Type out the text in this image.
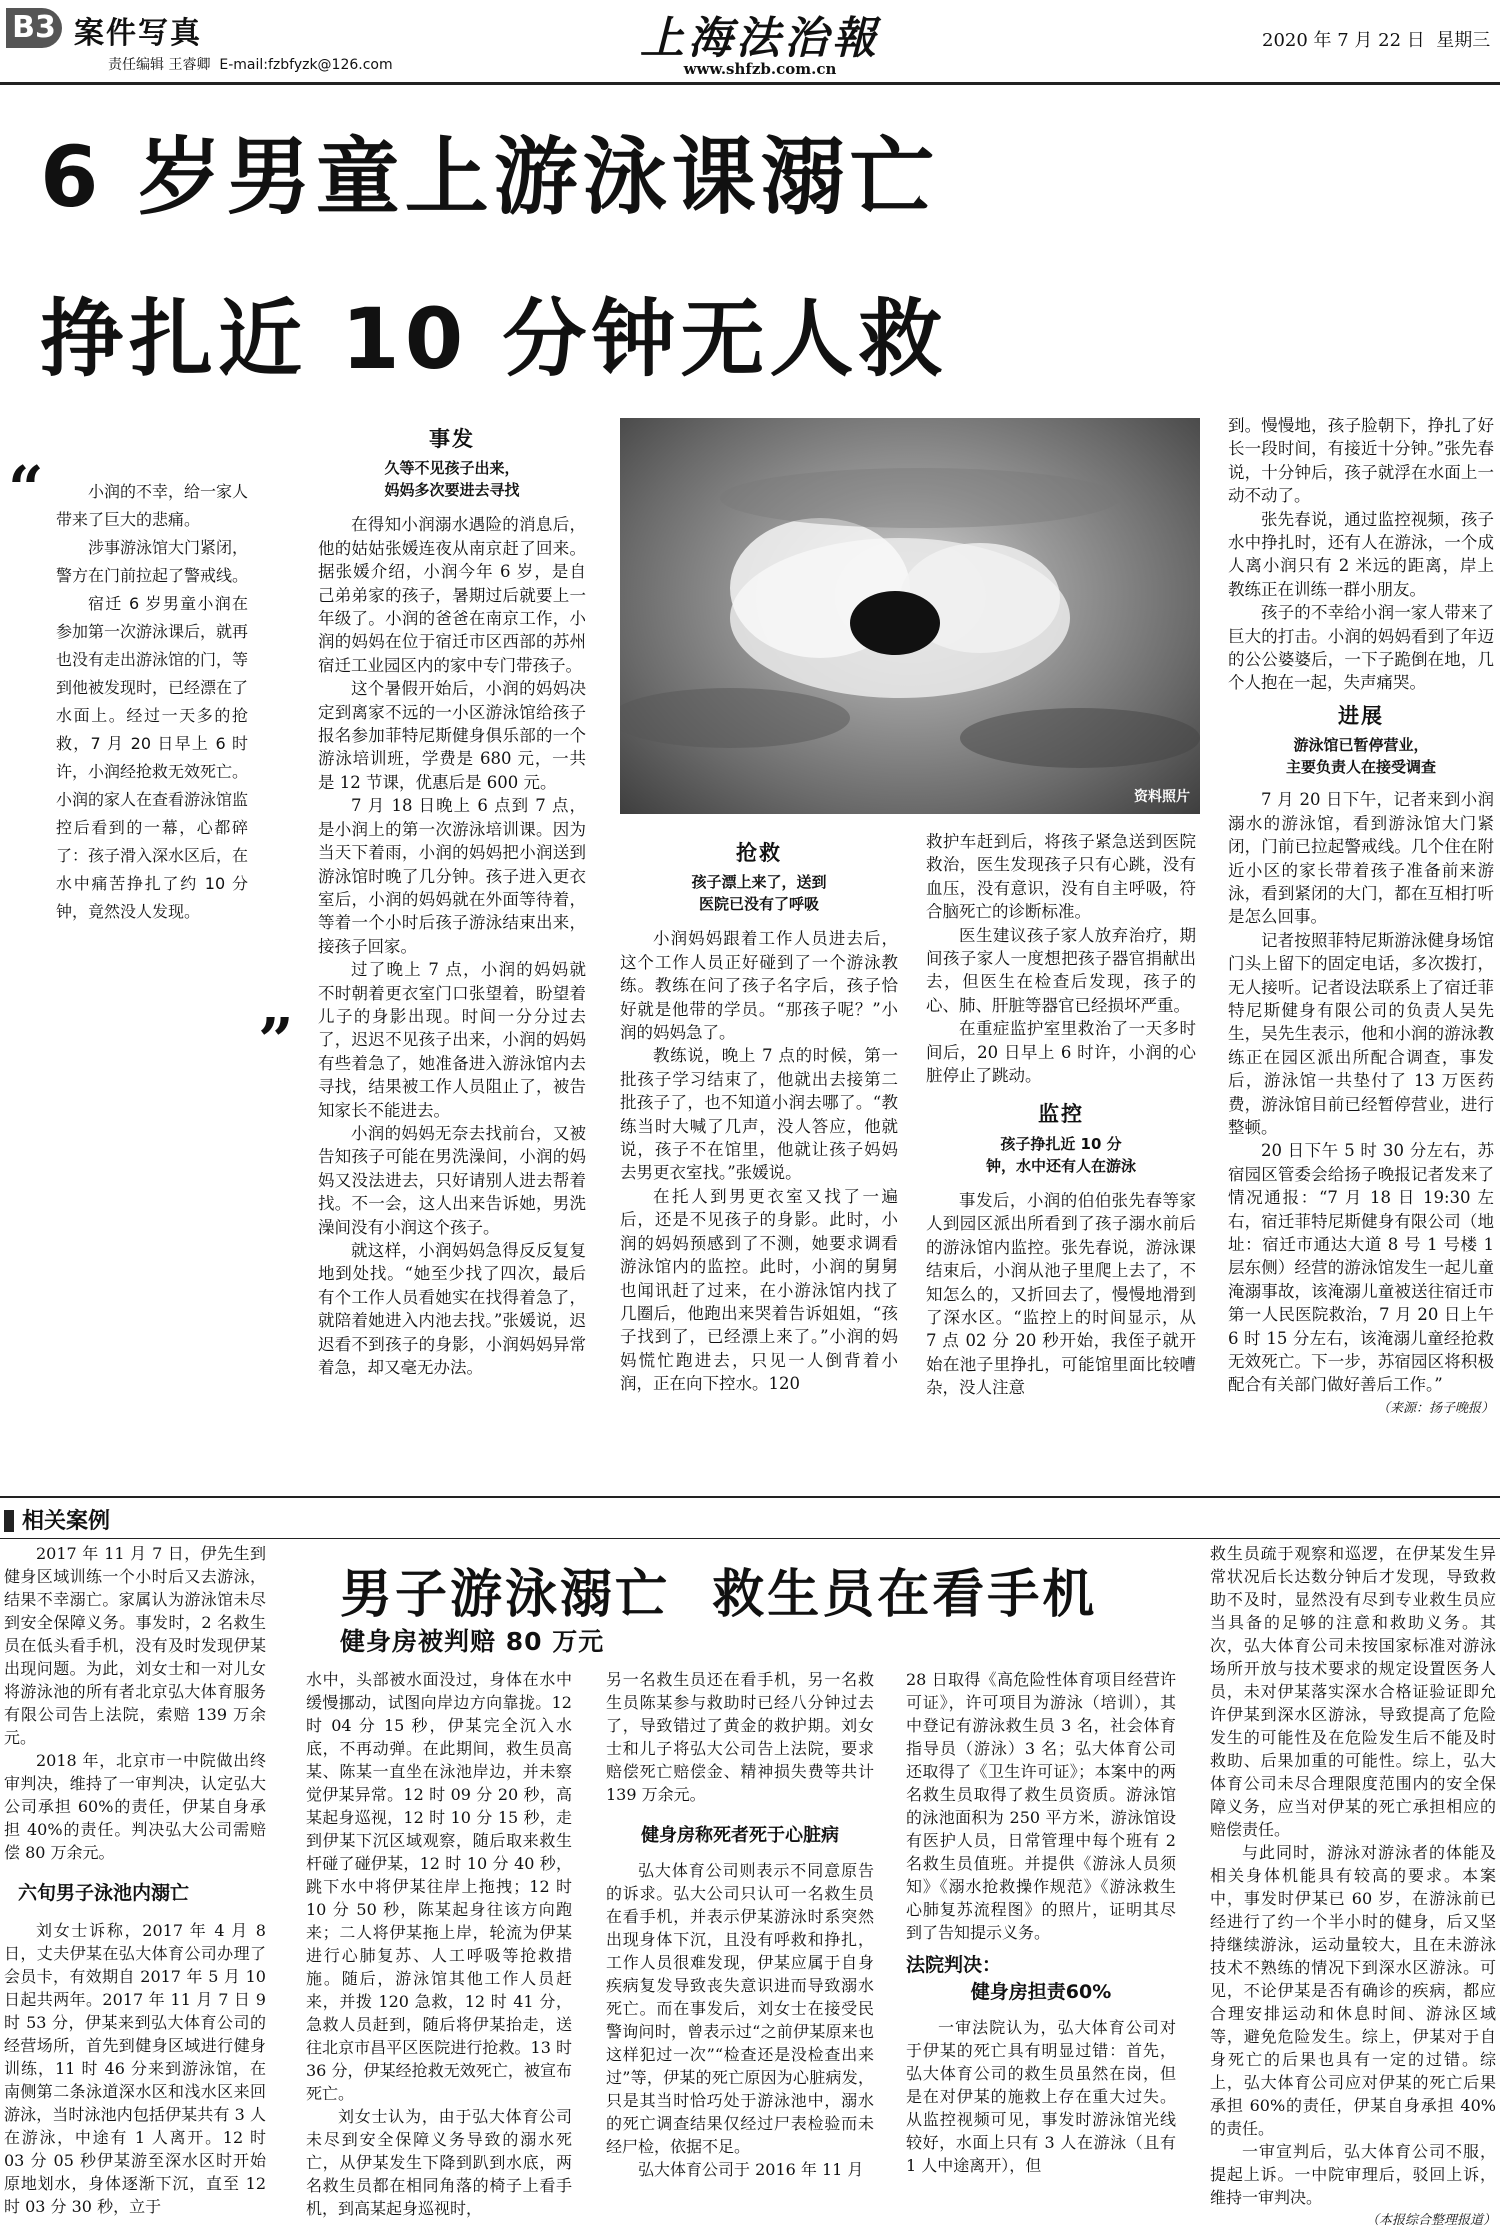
B3 案件写真
责任编辑 王睿卿 E-mail:fzbfyzk@126.com
上海法治報
www.shfzb.com.cn
2020 年 7 月 22 日 星期三
6 岁男童上游泳课溺亡
挣扎近 10 分钟无人救
“	小润的不幸，给一家人带来了巨大的悲痛。

涉事游泳馆大门紧闭，警方在门前拉起了警戒线。

宿迁 6 岁男童小润在参加第一次游泳课后，就再也没有走出游泳馆的门，等到他被发现时，已经漂在了水面上。经过一天多的抢救，7 月 20 日早上 6 时许，小润经抢救无效死亡。小润的家人在查看游泳馆监控后看到的一幕，心都碎了：孩子滑入深水区后，在水中痛苦挣扎了约 10 分钟，竟然没人发现。

”
事发
久等不见孩子出来，
妈妈多次要进去寻找

在得知小润溺水遇险的消息后，他的姑姑张媛连夜从南京赶了回来。据张媛介绍，小润今年 6 岁，是自己弟弟家的孩子，暑期过后就要上一年级了。小润的爸爸在南京工作，小润的妈妈在位于宿迁市区西部的苏州宿迁工业园区内的家中专门带孩子。

这个暑假开始后，小润的妈妈决定到离家不远的一小区游泳馆给孩子报名参加菲特尼斯健身俱乐部的一个游泳培训班，学费是 680 元，一共是 12 节课，优惠后是 600 元。

7 月 18 日晚上 6 点到 7 点，是小润上的第一次游泳培训课。因为当天下着雨，小润的妈妈把小润送到游泳馆时晚了几分钟。孩子进入更衣室后，小润的妈妈就在外面等待着，等着一个小时后孩子游泳结束出来，接孩子回家。

过了晚上 7 点，小润的妈妈就不时朝着更衣室门口张望着，盼望着儿子的身影出现。时间一分分过去了，迟迟不见孩子出来，小润的妈妈有些着急了，她准备进入游泳馆内去寻找，结果被工作人员阻止了，被告知家长不能进去。

小润的妈妈无奈去找前台，又被告知孩子可能在男洗澡间，小润的妈妈又没法进去，只好请别人进去帮着找。不一会，这人出来告诉她，男洗澡间没有小润这个孩子。

就这样，小润妈妈急得反反复复地到处找。“她至少找了四次，最后有个工作人员看她实在找得着急了，就陪着她进入内池去找。”张媛说，迟迟看不到孩子的身影，小润妈妈异常着急，却又毫无办法。

资料照片
抢救
孩子漂上来了，送到
医院已没有了呼吸

小润妈妈跟着工作人员进去后，这个工作人员正好碰到了一个游泳教练。教练在问了孩子名字后，孩子恰好就是他带的学员。“那孩子呢？”小润的妈妈急了。

教练说，晚上 7 点的时候，第一批孩子学习结束了，他就出去接第二批孩子了，也不知道小润去哪了。“教练当时大喊了几声，没人答应，他就说，孩子不在馆里，他就让孩子妈妈去男更衣室找。”张媛说。

在托人到男更衣室又找了一遍后，还是不见孩子的身影。此时，小润的妈妈预感到了不测，她要求调看游泳馆内的监控。此时，小润的舅舅也闻讯赶了过来，在小游泳馆内找了几圈后，他跑出来哭着告诉姐姐，“孩子找到了，已经漂上来了。”小润的妈妈慌忙跑进去，只见一人倒背着小润，正在向下控水。120

救护车赶到后，将孩子紧急送到医院救治，医生发现孩子只有心跳，没有血压，没有意识，没有自主呼吸，符合脑死亡的诊断标准。

医生建议孩子家人放弃治疗，期间孩子家人一度想把孩子器官捐献出去，但医生在检查后发现，孩子的心、肺、肝脏等器官已经损坏严重。

在重症监护室里救治了一天多时间后，20 日早上 6 时许，小润的心脏停止了跳动。

监控
孩子挣扎近 10 分
钟，水中还有人在游泳

事发后，小润的伯伯张先春等家人到园区派出所看到了孩子溺水前后的游泳馆内监控。张先春说，游泳课结束后，小润从池子里爬上去了，不知怎么的，又折回去了，慢慢地滑到了深水区。“监控上的时间显示，从 7 点 02 分 20 秒开始，我侄子就开始在池子里挣扎，可能馆里面比较嘈杂，没人注意

到。慢慢地，孩子脸朝下，挣扎了好长一段时间，有接近十分钟。”张先春说，十分钟后，孩子就浮在水面上一动不动了。

张先春说，通过监控视频，孩子水中挣扎时，还有人在游泳，一个成人离小润只有 2 米远的距离，岸上教练正在训练一群小朋友。

孩子的不幸给小润一家人带来了巨大的打击。小润的妈妈看到了年迈的公公婆婆后，一下子跪倒在地，几个人抱在一起，失声痛哭。

进展
游泳馆已暂停营业，
主要负责人在接受调查

7 月 20 日下午，记者来到小润溺水的游泳馆，看到游泳馆大门紧闭，门前已拉起警戒线。几个住在附近小区的家长带着孩子准备前来游泳，看到紧闭的大门，都在互相打听是怎么回事。

记者按照菲特尼斯游泳健身场馆门头上留下的固定电话，多次拨打，无人接听。记者设法联系上了宿迁菲特尼斯健身有限公司的负责人吴先生，吴先生表示，他和小润的游泳教练正在园区派出所配合调查，事发后，游泳馆一共垫付了 13 万医药费，游泳馆目前已经暂停营业，进行整顿。

20 日下午 5 时 30 分左右，苏宿园区管委会给扬子晚报记者发来了情况通报：“7 月 18 日 19:30 左右，宿迁菲特尼斯健身有限公司（地址：宿迁市通达大道 8 号 1 号楼 1 层东侧）经营的游泳馆发生一起儿童淹溺事故，该淹溺儿童被送往宿迁市第一人民医院救治，7 月 20 日上午 6 时 15 分左右，该淹溺儿童经抢救无效死亡。下一步，苏宿园区将积极配合有关部门做好善后工作。”

（来源：扬子晚报）
相关案例
男子游泳溺亡  救生员在看手机
健身房被判赔 80 万元

2017 年 11 月 7 日，伊先生到健身区域训练一个小时后又去游泳，结果不幸溺亡。家属认为游泳馆未尽到安全保障义务。事发时，2 名救生员在低头看手机，没有及时发现伊某出现问题。为此，刘女士和一对儿女将游泳池的所有者北京弘大体育服务有限公司告上法院，索赔 139 万余元。

2018 年，北京市一中院做出终审判决，维持了一审判决，认定弘大公司承担 60%的责任，伊某自身承担 40%的责任。判决弘大公司需赔偿 80 万余元。

六旬男子泳池内溺亡

刘女士诉称，2017 年 4 月 8 日，丈夫伊某在弘大体育公司办理了会员卡，有效期自 2017 年 5 月 10 日起共两年。2017 年 11 月 7 日 9 时 53 分，伊某来到弘大体育公司的经营场所，首先到健身区域进行健身训练，11 时 46 分来到游泳馆，在南侧第二条泳道深水区和浅水区来回游泳，当时泳池内包括伊某共有 3 人在游泳，中途有 1 人离开。12 时 03 分 05 秒伊某游至深水区时开始原地划水，身体逐渐下沉，直至 12 时 03 分 30 秒，立于

水中，头部被水面没过，身体在水中缓慢挪动，试图向岸边方向靠拢。12 时 04 分 15 秒，伊某完全沉入水底，不再动弹。在此期间，救生员高某、陈某一直坐在泳池岸边，并未察觉伊某异常。12 时 09 分 20 秒，高某起身巡视，12 时 10 分 15 秒，走到伊某下沉区域观察，随后取来救生杆碰了碰伊某，12 时 10 分 40 秒，跳下水中将伊某往岸上拖拽；12 时 10 分 50 秒，陈某起身往该方向跑来；二人将伊某拖上岸，轮流为伊某进行心肺复苏、人工呼吸等抢救措施。随后，游泳馆其他工作人员赶来，并拨 120 急救，12 时 41 分，急救人员赶到，随后将伊某抬走，送往北京市昌平区医院进行抢救。13 时 36 分，伊某经抢救无效死亡，被宣布死亡。

刘女士认为，由于弘大体育公司未尽到安全保障义务导致的溺水死亡，从伊某发生下降到趴到水底，两名救生员都在相同角落的椅子上看手机，到高某起身巡视时，

另一名救生员还在看手机，另一名救生员陈某参与救助时已经八分钟过去了，导致错过了黄金的救护期。刘女士和儿子将弘大公司告上法院，要求赔偿死亡赔偿金、精神损失费等共计 139 万余元。

健身房称死者死于心脏病

弘大体育公司则表示不同意原告的诉求。弘大公司只认可一名救生员在看手机，并表示伊某游泳时系突然出现身体下沉，且没有呼救和挣扎，工作人员很难发现，伊某应属于自身疾病复发导致丧失意识进而导致溺水死亡。而在事发后，刘女士在接受民警询问时，曾表示过“之前伊某原来也这样犯过一次”“检查还是没检查出来过”等，伊某的死亡原因为心脏病发，只是其当时恰巧处于游泳池中，溺水的死亡调查结果仅经过尸表检验而未经尸检，依据不足。

弘大体育公司于 2016 年 11 月

28 日取得《高危险性体育项目经营许可证》，许可项目为游泳（培训），其中登记有游泳救生员 3 名，社会体育指导员（游泳）3 名；弘大体育公司还取得了《卫生许可证》；本案中的两名救生员取得了救生员资质。游泳馆的泳池面积为 250 平方米，游泳馆设有医护人员，日常管理中每个班有 2 名救生员值班。并提供《游泳人员须知》《溺水抢救操作规范》《游泳救生心肺复苏流程图》的照片，证明其尽到了告知提示义务。

法院判决：
健身房担责60%

一审法院认为，弘大体育公司对于伊某的死亡具有明显过错：首先，弘大体育公司的救生员虽然在岗，但是在对伊某的施救上存在重大过失。从监控视频可见，事发时游泳馆光线较好，水面上只有 3 人在游泳（且有 1 人中途离开），但

救生员疏于观察和巡逻，在伊某发生异常状况后长达数分钟后才发现，导致救助不及时，显然没有尽到专业救生员应当具备的足够的注意和救助义务。其次，弘大体育公司未按国家标准对游泳场所开放与技术要求的规定设置医务人员，未对伊某落实深水合格证验证即允许伊某到深水区游泳，导致提高了危险发生的可能性及在危险发生后不能及时救助、后果加重的可能性。综上，弘大体育公司未尽合理限度范围内的安全保障义务，应当对伊某的死亡承担相应的赔偿责任。

与此同时，游泳对游泳者的体能及相关身体机能具有较高的要求。本案中，事发时伊某已 60 岁，在游泳前已经进行了约一个半小时的健身，后又坚持继续游泳，运动量较大，且在未游泳技术不熟练的情况下到深水区游泳。可见，不论伊某是否有确诊的疾病，都应合理安排运动和休息时间、游泳区域等，避免危险发生。综上，伊某对于自身死亡的后果也具有一定的过错。综上，弘大体育公司应对伊某的死亡后果承担 60%的责任，伊某自身承担 40%的责任。

一审宣判后，弘大体育公司不服，提起上诉。一中院审理后，驳回上诉，维持一审判决。

（本报综合整理报道）
